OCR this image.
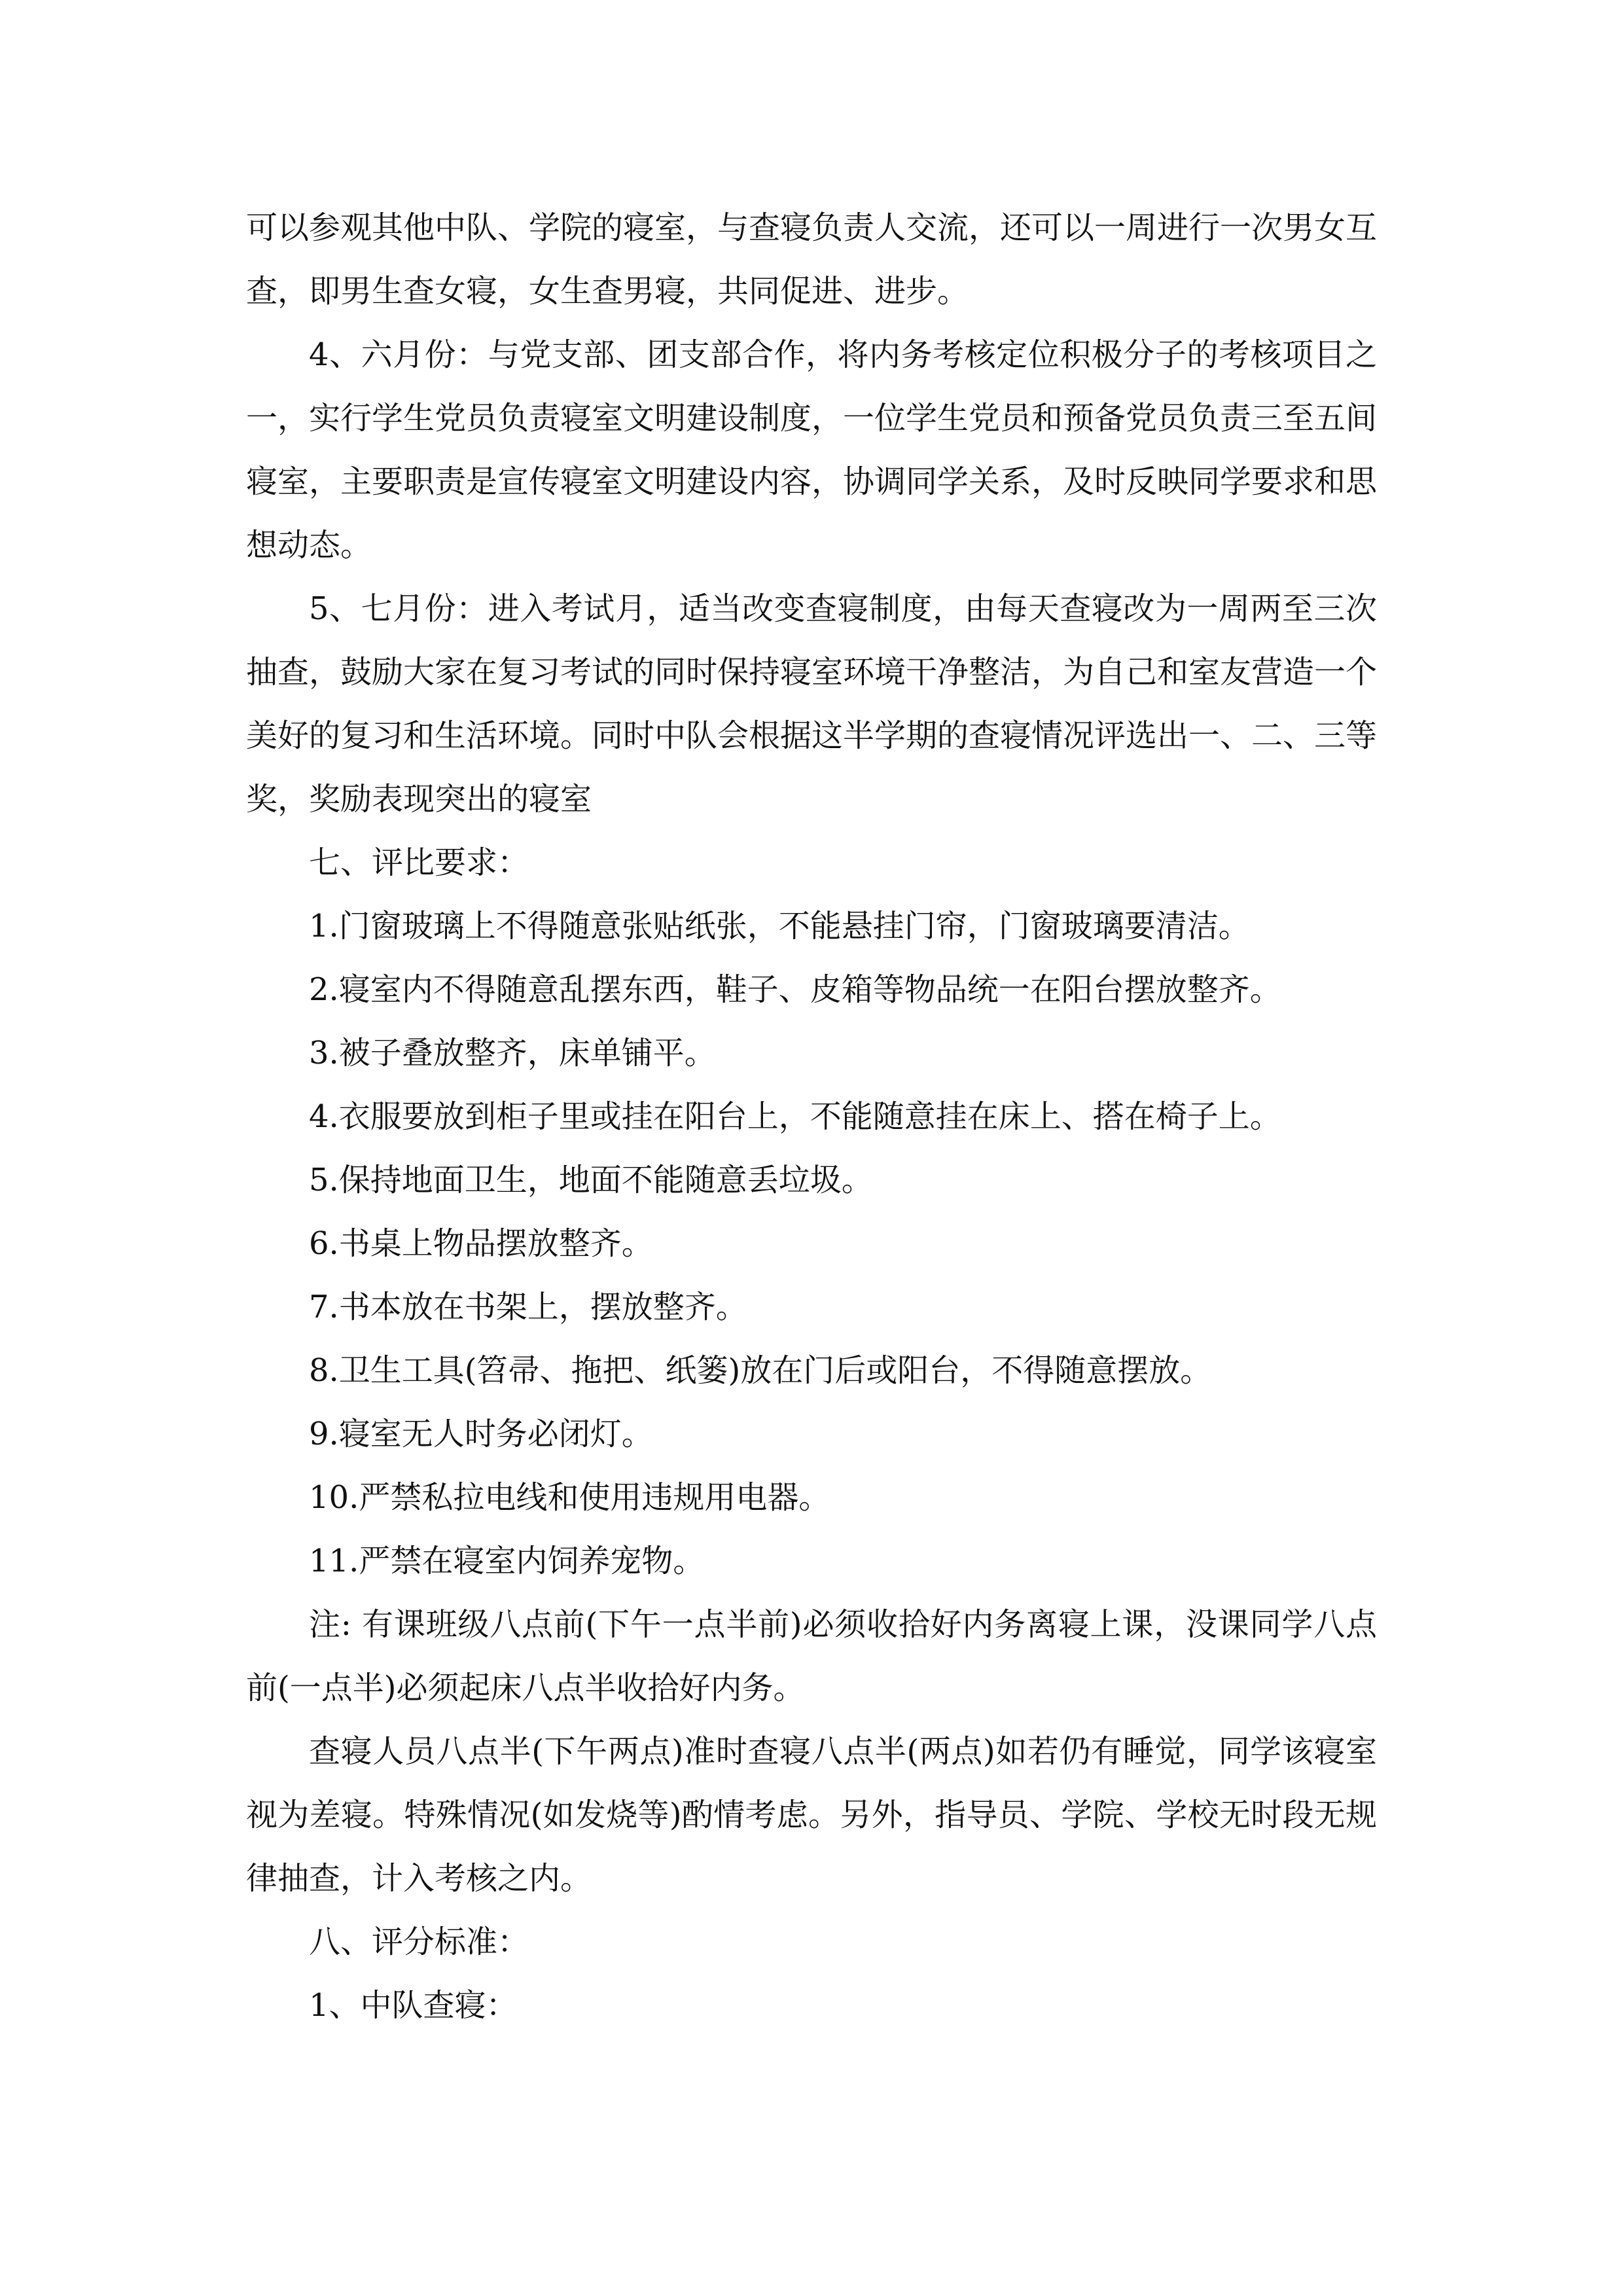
可以参观其他中队、学院的寝室，与查寝负责人交流，还可以一周进行一次男女互查，即男生查女寝，女生查男寝，共同促进、进步。

4、六月份：与党支部、团支部合作，将内务考核定位积极分子的考核项目之一，实行学生党员负责寝室文明建设制度，一位学生党员和预备党员负责三至五间寝室，主要职责是宣传寝室文明建设内容，协调同学关系，及时反映同学要求和思想动态。

5、七月份：进入考试月，适当改变查寝制度，由每天查寝改为一周两至三次抽查，鼓励大家在复习考试的同时保持寝室环境干净整洁，为自己和室友营造一个美好的复习和生活环境。同时中队会根据这半学期的查寝情况评选出一、二、三等奖，奖励表现突出的寝室

七、评比要求：

1.门窗玻璃上不得随意张贴纸张，不能悬挂门帘，门窗玻璃要清洁。

2.寝室内不得随意乱摆东西，鞋子、皮箱等物品统一在阳台摆放整齐。

3.被子叠放整齐，床单铺平。

4.衣服要放到柜子里或挂在阳台上，不能随意挂在床上、搭在椅子上。

5.保持地面卫生，地面不能随意丢垃圾。

6.书桌上物品摆放整齐。

7.书本放在书架上，摆放整齐。

8.卫生工具(笤帚、拖把、纸篓)放在门后或阳台，不得随意摆放。

9.寝室无人时务必闭灯。

10.严禁私拉电线和使用违规用电器。

11.严禁在寝室内饲养宠物。

注: 有课班级八点前(下午一点半前)必须收拾好内务离寝上课，没课同学八点前(一点半)必须起床八点半收拾好内务。

查寝人员八点半(下午两点)准时查寝八点半(两点)如若仍有睡觉，同学该寝室视为差寝。特殊情况(如发烧等)酌情考虑。另外，指导员、学院、学校无时段无规律抽查，计入考核之内。

八、评分标准：

1、中队查寝：
